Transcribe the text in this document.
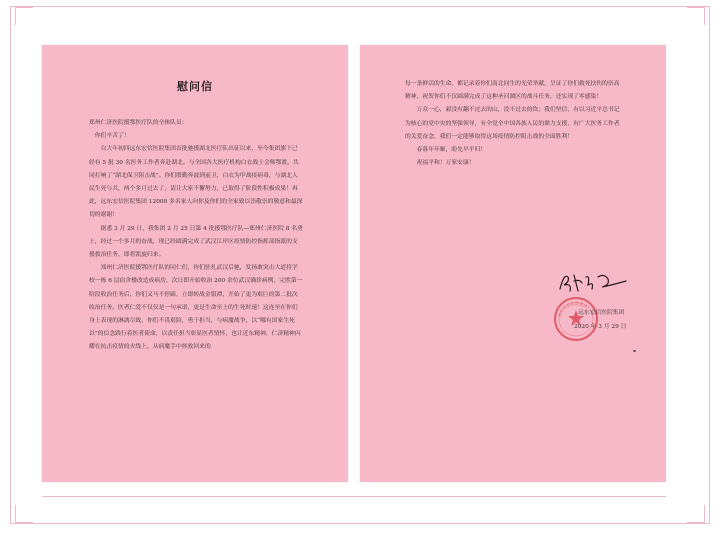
慰问信

郑州仁济医院援鄂医疗队的全体队员：

你们辛苦了！

自大年初四远东宏信医院集团首批驰援湖北医疗队出征以来，至今集团旗下已经有 5 批 30 名医务工作者奔赴湖北。与全国各大医疗机构白衣战士会师鄂渡，共同打响了“湖北保卫阻击战”。你们殷勤奔波到前卫，白衣为甲战疫病毒，与湖北人民生死与共，两个多月过去了，请让大家不懈努力，已取得了阶段性积极成果！再此，远东宏信医院集团 12000 多名家人向你及你们的全家致以崇敬崇的敬意和最深切的谢谢！

据悉 3 月 29 日，我集团 2 月 25 日第 4 批援鄂医疗队—郑州仁济医院 8 名勇士，经过一个多月的奋战，现已经圆满完成了武汉江岸区疫情防控指挥部指派的支援救治任务，即将凯旋归来。

郑州仁济医院援鄂医疗队的同仁们，你们驻扎武汉后驰，发扬敢突击大道将学校一栋 6 层宿舍楼改造成病房，次日即开始收治 200 余位武汉确诊病例，完胜第一阶段收治任务后，你们又马不停蹄，立即转战金银潭，开始了更为艰巨的第二批次收治任务。医者仁爱不仅仅是一句承诺，更是生命至上的生死时速！这连至在你们身上表现的淋漓尽致，你们不畏艰险，勇于担当，与病魔战争，以“哪有国家生死以”的信念践行着医者使命，以责任担当彰显医者情怀，也让近东精神，仁济精神闪耀在抗击疫情的火线上，从病魔手中拯救回来的

每一条鲜活的生命，都记录着你们南北同生的光荣举献，呈证了你们救死扶伤的崇高精神，祝贺你们不仅圆满完成了这种圣河湖区的战斗任务，还实现了零感染！

万众一心，毅没有翻不过去的山，没不过去的坎；我们坚信，有以习近平总书记为核心的党中央的坚强领导，有全党全中国各族人民的鼎力支援，有广大医务工作者的关爱奋念，我们一定能够取得这场疫情防控阻击战的全面胜利！

春暮年年顺，盼先早平归！

祝福平和！万家安康！

远东宏信医院集团
远东宏信医院集团
2020 年 3 月 29 日
